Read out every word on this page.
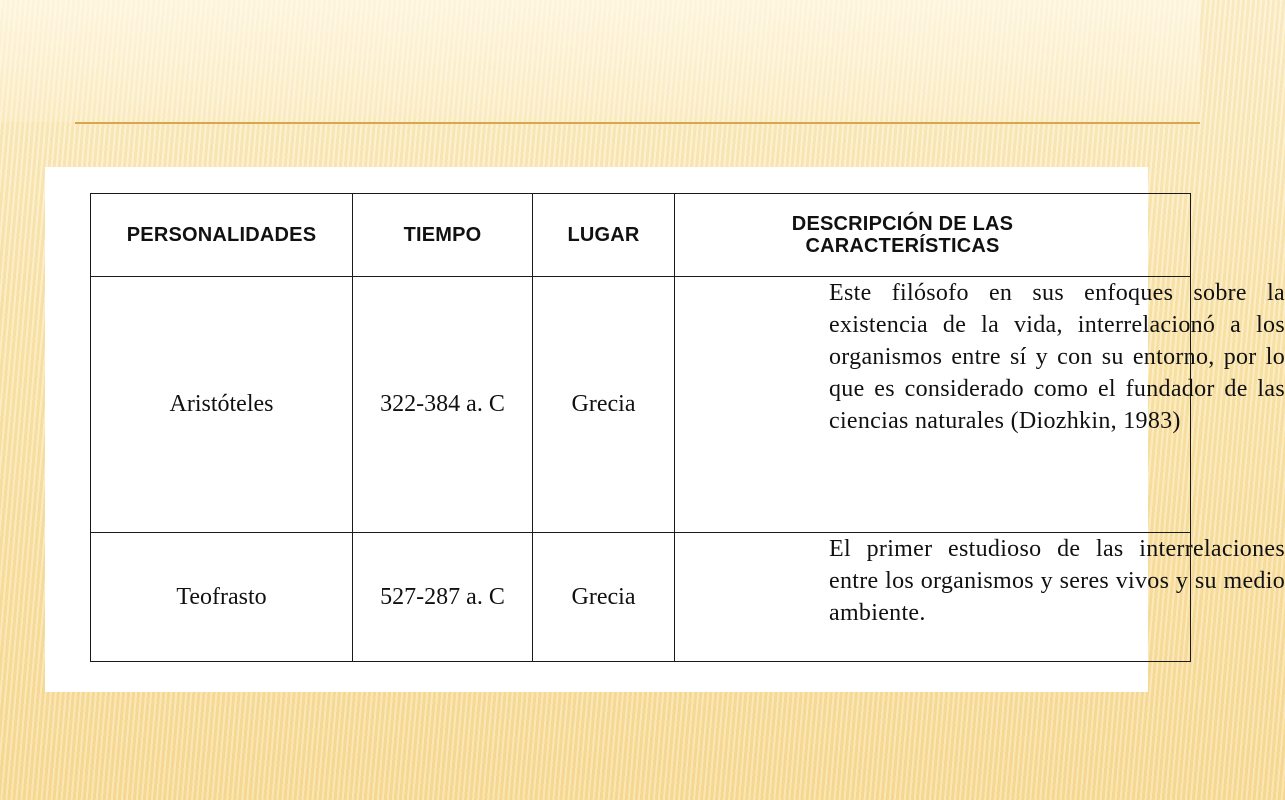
PERSONALIDADES	TIEMPO	LUGAR	DESCRIPCIÓN DE LAS CARACTERÍSTICAS

Aristóteles	322-384 a. C	Grecia	Este filósofo en sus enfoques sobre la existencia de la vida, interrelacionó a los organismos entre sí y con su entorno, por lo que es considerado como el fundador de las ciencias naturales (Diozhkin, 1983)

Teofrasto	527-287 a. C	Grecia	El primer estudioso de las interrelaciones entre los organismos y seres vivos y su medio ambiente.
